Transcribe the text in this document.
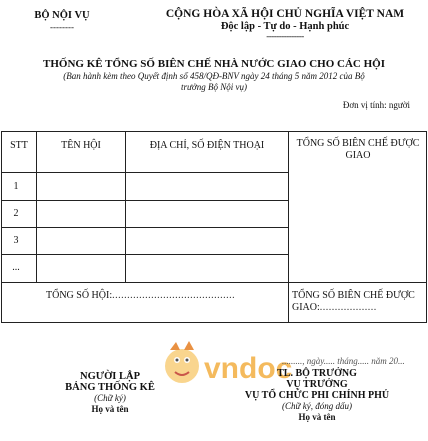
BỘ NỘI VỤ
--------
CỘNG HÒA XÃ HỘI CHỦ NGHĨA VIỆT NAM
Độc lập - Tự do - Hạnh phúc
---------------
THỐNG KÊ TỔNG SỐ BIÊN CHẾ NHÀ NƯỚC GIAO CHO CÁC HỘI
(Ban hành kèm theo Quyết định số 458/QĐ-BNV ngày 24 tháng 5 năm 2012 của Bộ
trưởng Bộ Nội vụ)
Đơn vị tính: người
STT	TÊN HỘI	ĐỊA CHỈ, SỐ ĐIỆN THOẠI	TỔNG SỐ BIÊN CHẾ ĐƯỢC GIAO
1
2
3
...
TỔNG SỐ HỘI:.........................................	TỔNG SỐ BIÊN CHẾ ĐƯỢC GIAO:...................
vndoc
NGƯỜI LẬP
BẢNG THỐNG KÊ
(Chữ ký)
Họ và tên
........., ngày..... tháng..... năm 20...
TL. BỘ TRƯỞNG
VỤ TRƯỞNG
VỤ TỔ CHỨC PHI CHÍNH PHỦ
(Chữ ký, đóng dấu)
Họ và tên
